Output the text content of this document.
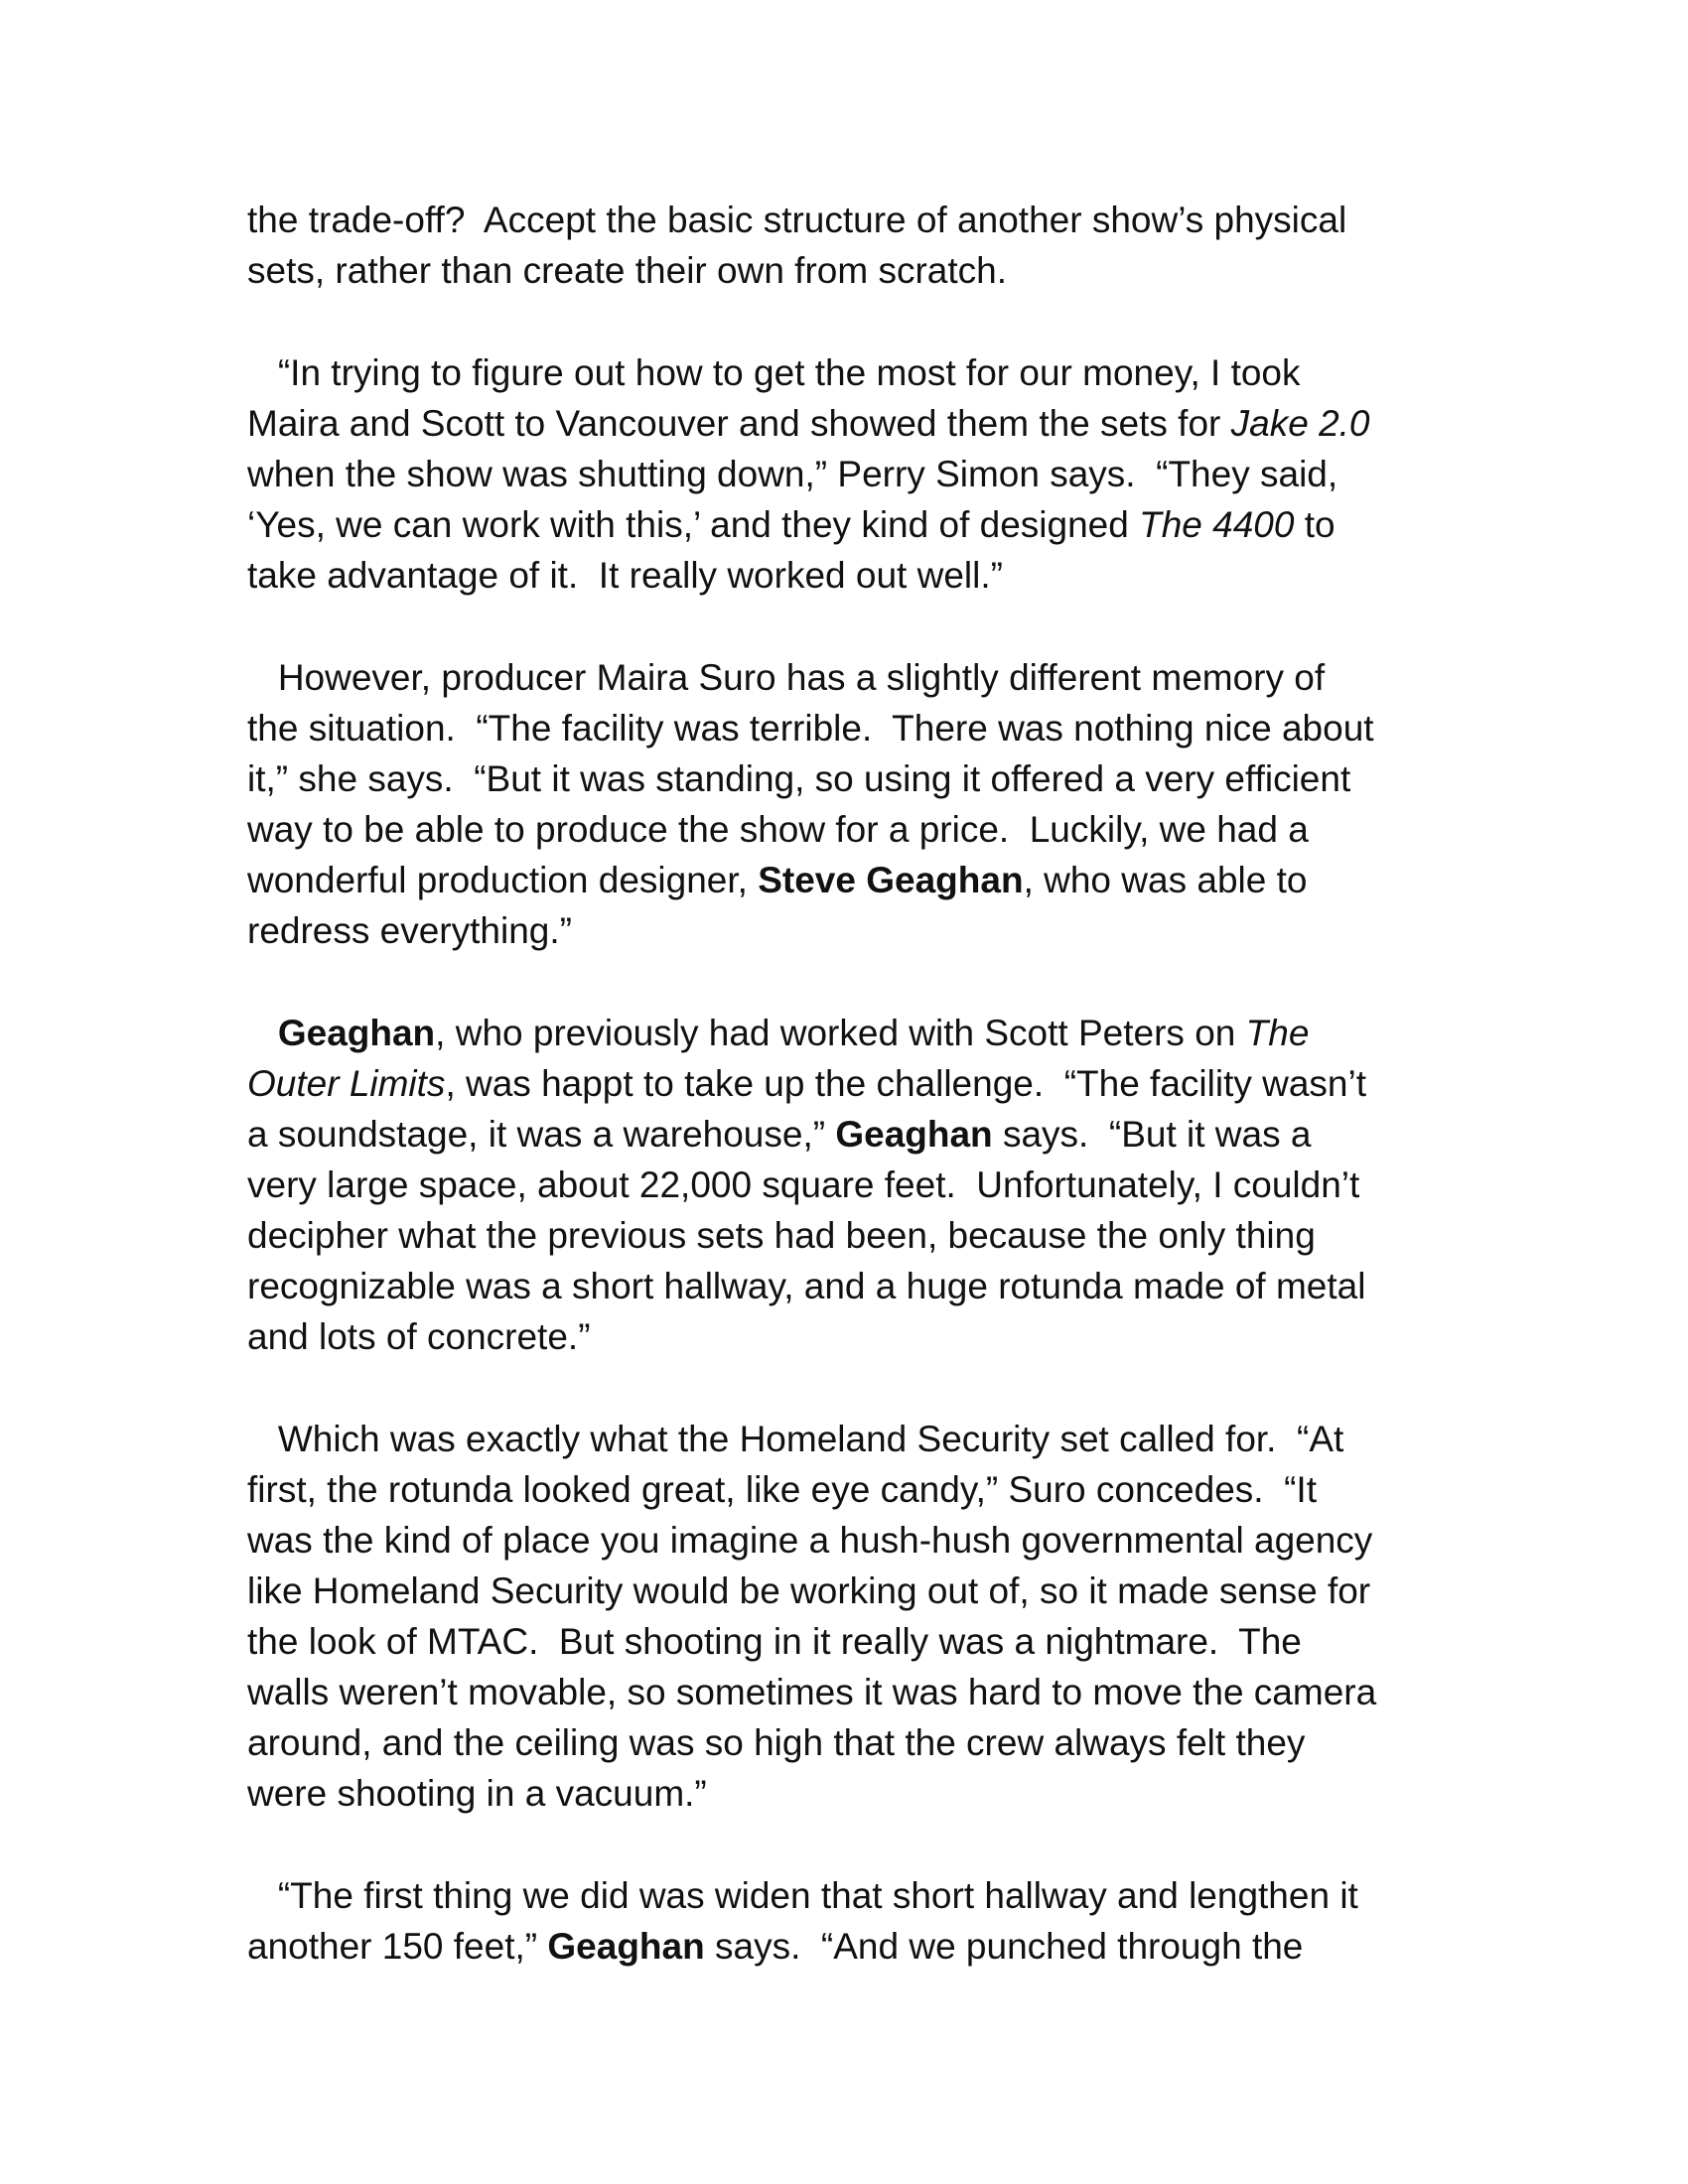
the trade-off?  Accept the basic structure of another show’s physical
sets, rather than create their own from scratch.
“In trying to figure out how to get the most for our money, I took
Maira and Scott to Vancouver and showed them the sets for Jake 2.0
when the show was shutting down,” Perry Simon says.  “They said,
‘Yes, we can work with this,’ and they kind of designed The 4400 to
take advantage of it.  It really worked out well.”
However, producer Maira Suro has a slightly different memory of
the situation.  “The facility was terrible.  There was nothing nice about
it,” she says.  “But it was standing, so using it offered a very efficient
way to be able to produce the show for a price.  Luckily, we had a
wonderful production designer, Steve Geaghan, who was able to
redress everything.”
Geaghan, who previously had worked with Scott Peters on The
Outer Limits, was happt to take up the challenge.  “The facility wasn’t
a soundstage, it was a warehouse,” Geaghan says.  “But it was a
very large space, about 22,000 square feet.  Unfortunately, I couldn’t
decipher what the previous sets had been, because the only thing
recognizable was a short hallway, and a huge rotunda made of metal
and lots of concrete.”
Which was exactly what the Homeland Security set called for.  “At
first, the rotunda looked great, like eye candy,” Suro concedes.  “It
was the kind of place you imagine a hush-hush governmental agency
like Homeland Security would be working out of, so it made sense for
the look of MTAC.  But shooting in it really was a nightmare.  The
walls weren’t movable, so sometimes it was hard to move the camera
around, and the ceiling was so high that the crew always felt they
were shooting in a vacuum.”
“The first thing we did was widen that short hallway and lengthen it
another 150 feet,” Geaghan says.  “And we punched through the
